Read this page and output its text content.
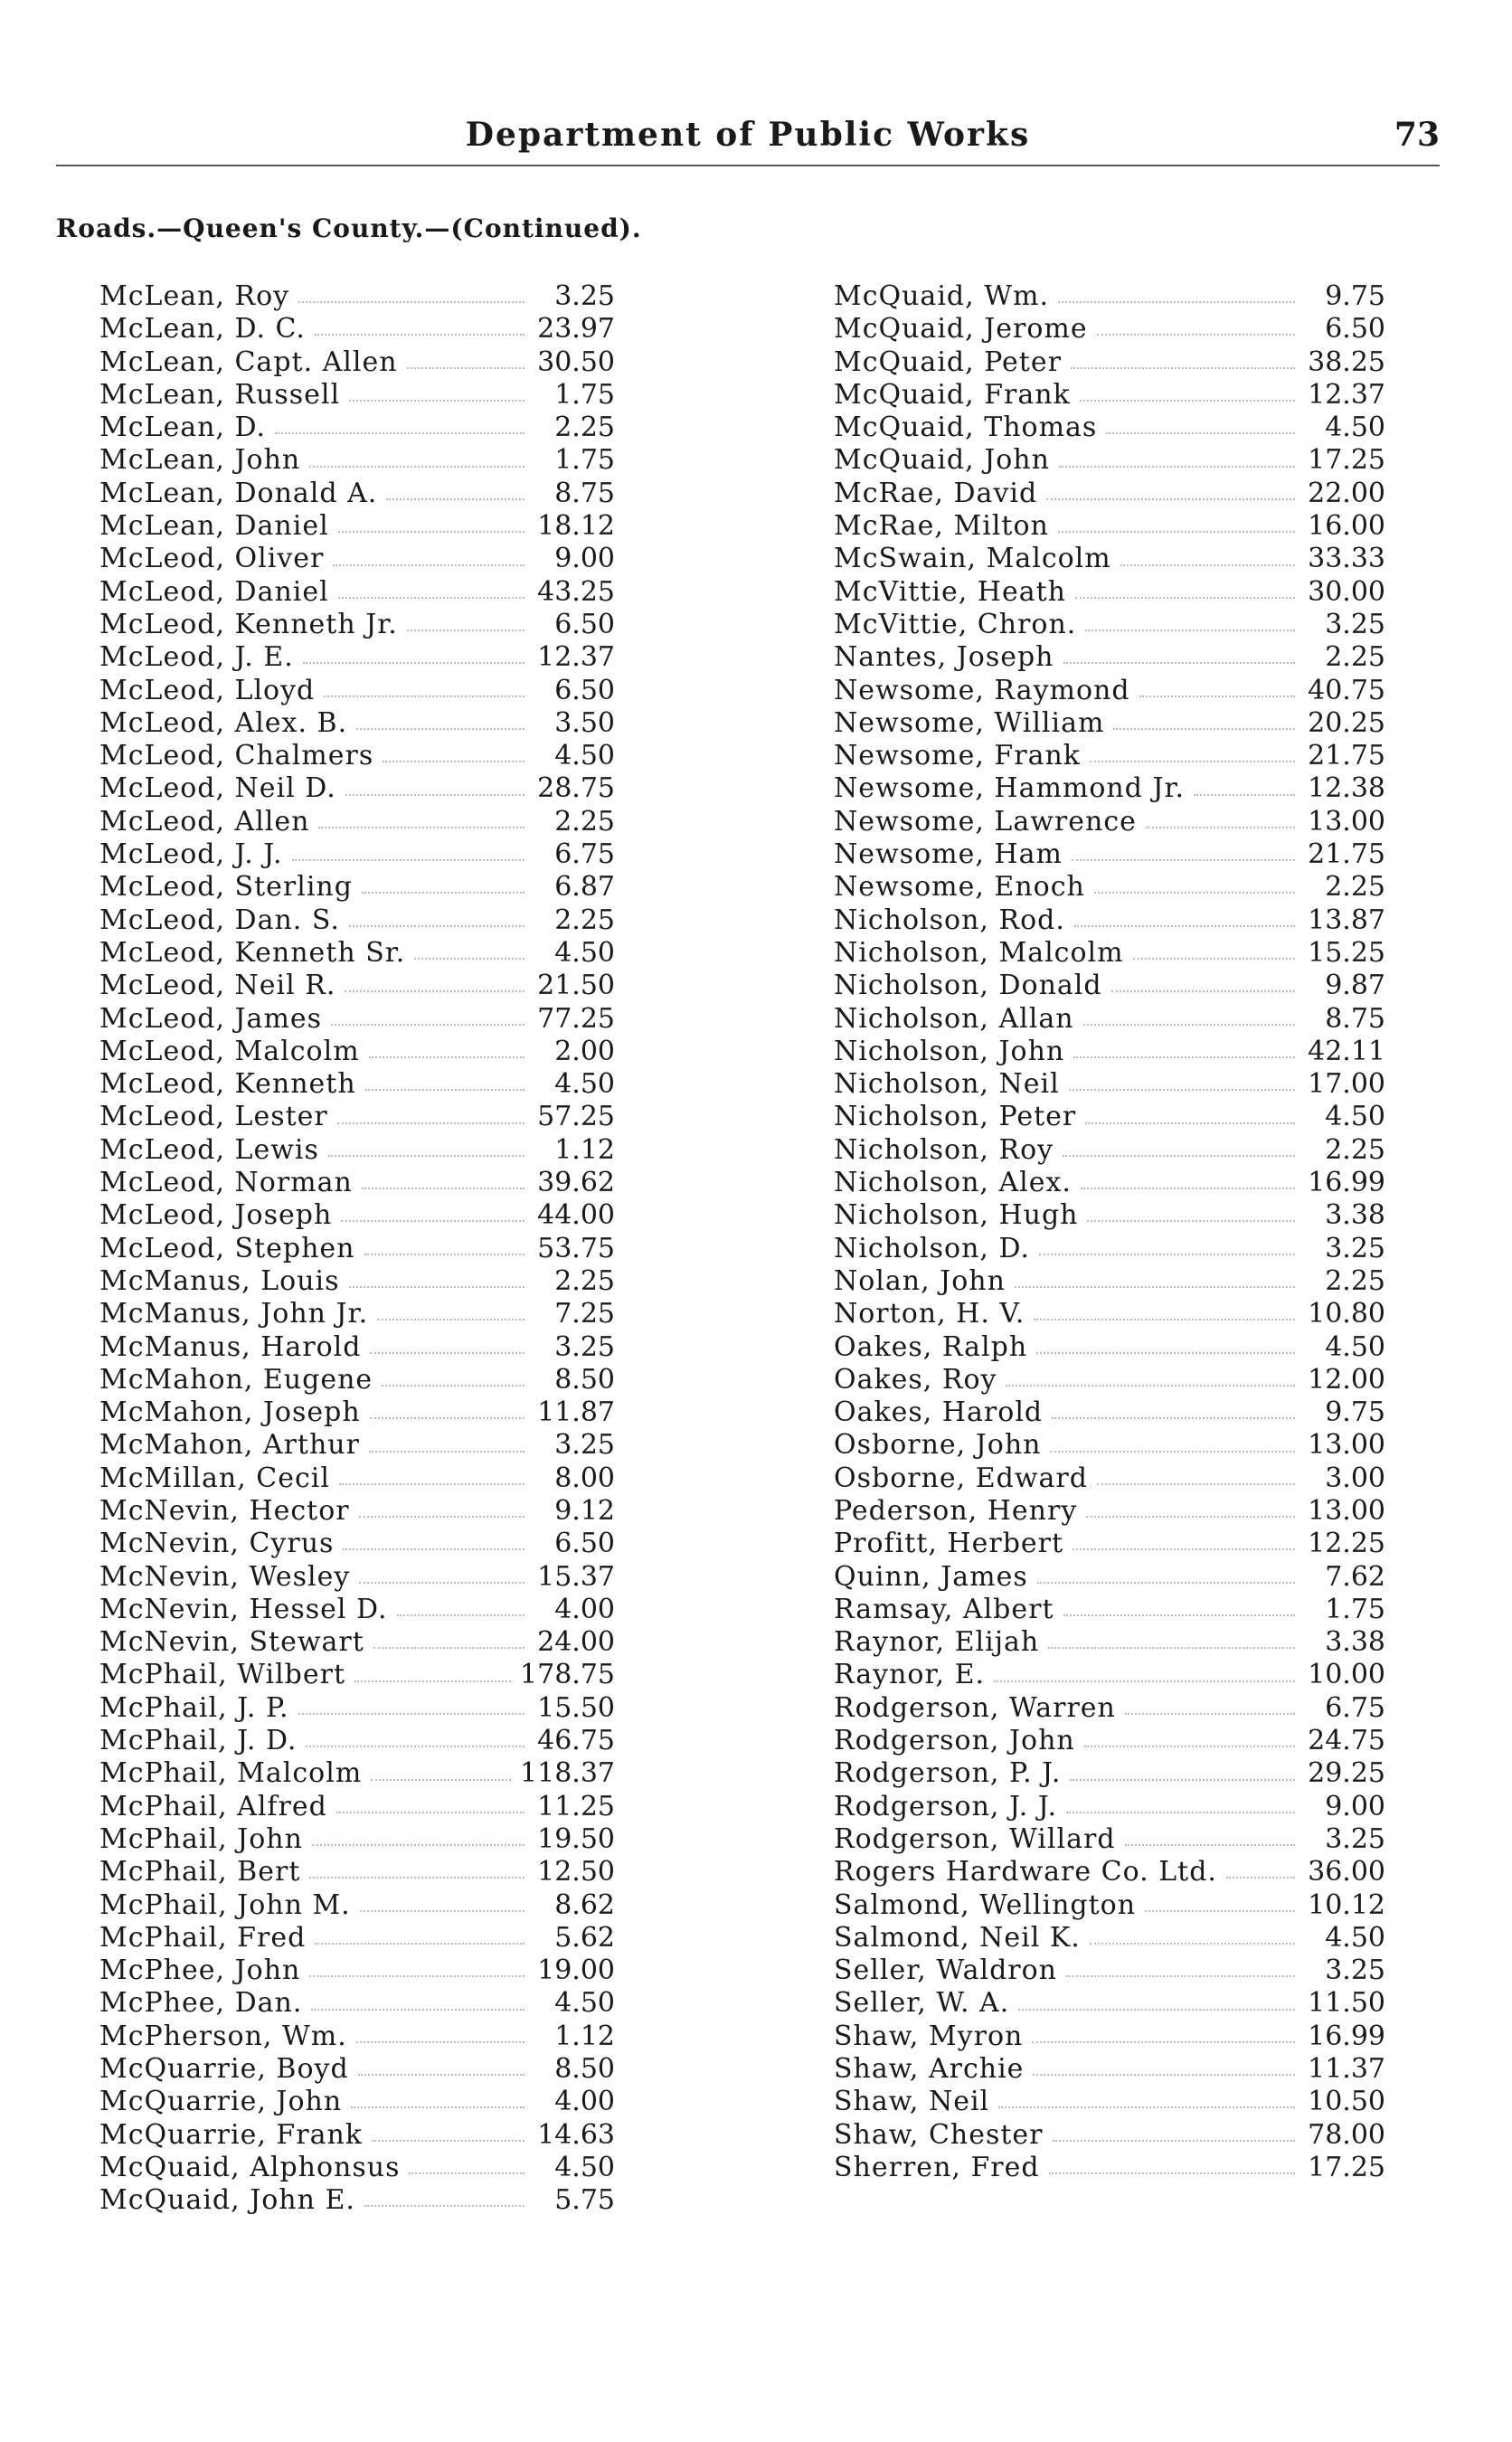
Department of Public Works	73
Roads.—Queen's County.—(Continued).
McLean, Roy	3.25
McLean, D. C.	23.97
McLean, Capt. Allen	30.50
McLean, Russell	1.75
McLean, D.	2.25
McLean, John	1.75
McLean, Donald A.	8.75
McLean, Daniel	18.12
McLeod, Oliver	9.00
McLeod, Daniel	43.25
McLeod, Kenneth Jr.	6.50
McLeod, J. E.	12.37
McLeod, Lloyd	6.50
McLeod, Alex. B.	3.50
McLeod, Chalmers	4.50
McLeod, Neil D.	28.75
McLeod, Allen	2.25
McLeod, J. J.	6.75
McLeod, Sterling	6.87
McLeod, Dan. S.	2.25
McLeod, Kenneth Sr.	4.50
McLeod, Neil R.	21.50
McLeod, James	77.25
McLeod, Malcolm	2.00
McLeod, Kenneth	4.50
McLeod, Lester	57.25
McLeod, Lewis	1.12
McLeod, Norman	39.62
McLeod, Joseph	44.00
McLeod, Stephen	53.75
McManus, Louis	2.25
McManus, John Jr.	7.25
McManus, Harold	3.25
McMahon, Eugene	8.50
McMahon, Joseph	11.87
McMahon, Arthur	3.25
McMillan, Cecil	8.00
McNevin, Hector	9.12
McNevin, Cyrus	6.50
McNevin, Wesley	15.37
McNevin, Hessel D.	4.00
McNevin, Stewart	24.00
McPhail, Wilbert	178.75
McPhail, J. P.	15.50
McPhail, J. D.	46.75
McPhail, Malcolm	118.37
McPhail, Alfred	11.25
McPhail, John	19.50
McPhail, Bert	12.50
McPhail, John M.	8.62
McPhail, Fred	5.62
McPhee, John	19.00
McPhee, Dan.	4.50
McPherson, Wm.	1.12
McQuarrie, Boyd	8.50
McQuarrie, John	4.00
McQuarrie, Frank	14.63
McQuaid, Alphonsus	4.50
McQuaid, John E.	5.75
McQuaid, Wm.	9.75
McQuaid, Jerome	6.50
McQuaid, Peter	38.25
McQuaid, Frank	12.37
McQuaid, Thomas	4.50
McQuaid, John	17.25
McRae, David	22.00
McRae, Milton	16.00
McSwain, Malcolm	33.33
McVittie, Heath	30.00
McVittie, Chron.	3.25
Nantes, Joseph	2.25
Newsome, Raymond	40.75
Newsome, William	20.25
Newsome, Frank	21.75
Newsome, Hammond Jr.	12.38
Newsome, Lawrence	13.00
Newsome, Ham	21.75
Newsome, Enoch	2.25
Nicholson, Rod.	13.87
Nicholson, Malcolm	15.25
Nicholson, Donald	9.87
Nicholson, Allan	8.75
Nicholson, John	42.11
Nicholson, Neil	17.00
Nicholson, Peter	4.50
Nicholson, Roy	2.25
Nicholson, Alex.	16.99
Nicholson, Hugh	3.38
Nicholson, D.	3.25
Nolan, John	2.25
Norton, H. V.	10.80
Oakes, Ralph	4.50
Oakes, Roy	12.00
Oakes, Harold	9.75
Osborne, John	13.00
Osborne, Edward	3.00
Pederson, Henry	13.00
Profitt, Herbert	12.25
Quinn, James	7.62
Ramsay, Albert	1.75
Raynor, Elijah	3.38
Raynor, E.	10.00
Rodgerson, Warren	6.75
Rodgerson, John	24.75
Rodgerson, P. J.	29.25
Rodgerson, J. J.	9.00
Rodgerson, Willard	3.25
Rogers Hardware Co. Ltd.	36.00
Salmond, Wellington	10.12
Salmond, Neil K.	4.50
Seller, Waldron	3.25
Seller, W. A.	11.50
Shaw, Myron	16.99
Shaw, Archie	11.37
Shaw, Neil	10.50
Shaw, Chester	78.00
Sherren, Fred	17.25
